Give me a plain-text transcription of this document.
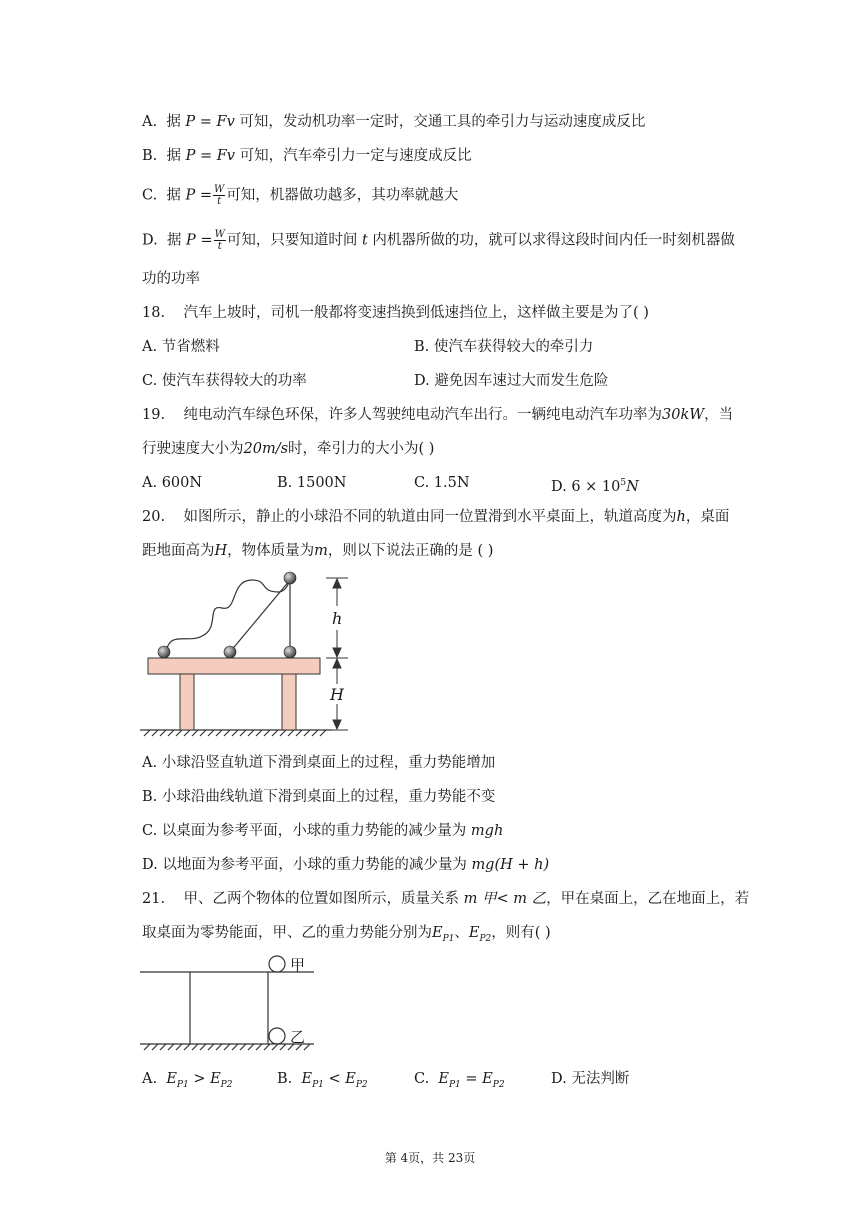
A. 据 P = Fv 可知，发动机功率一定时，交通工具的牵引力与运动速度成反比
B. 据 P = Fv 可知，汽车牵引力一定与速度成反比
C. 据 $P = \frac{W}{t}$ 可知，机器做功越多，其功率就越大
D. 据 $P = \frac{W}{t}$ 可知，只要知道时间 t 内机器所做的功，就可以求得这段时间内任一时刻机器做
功的功率
18. 汽车上坡时，司机一般都将变速挡换到低速挡位上，这样做主要是为了( )
A. 节省燃料	B. 使汽车获得较大的牵引力
C. 使汽车获得较大的功率	D. 避免因车速过大而发生危险
19. 纯电动汽车绿色环保，许多人驾驶纯电动汽车出行。一辆纯电动汽车功率为30kW，当
行驶速度大小为20m/s时，牵引力的大小为( )
A. 600N	B. 1500N	C. 1.5N	D. $6 \times 10^5N$
20. 如图所示，静止的小球沿不同的轨道由同一位置滑到水平桌面上，轨道高度为h，桌面
距地面高为H，物体质量为m，则以下说法正确的是 ( )
h
H
A. 小球沿竖直轨道下滑到桌面上的过程，重力势能增加
B. 小球沿曲线轨道下滑到桌面上的过程，重力势能不变
C. 以桌面为参考平面，小球的重力势能的减少量为 mgh
D. 以地面为参考平面，小球的重力势能的减少量为 mg(H + h)
21. 甲、乙两个物体的位置如图所示，质量关系 m 甲< m 乙，甲在桌面上，乙在地面上，若
取桌面为零势能面，甲、乙的重力势能分别为$E_{P1}$、$E_{P2}$，则有( )
甲
乙
A. $E_{P1} > E_{P2}$	B. $E_{P1} < E_{P2}$	C. $E_{P1} = E_{P2}$	D. 无法判断
第 4页，共 23页
